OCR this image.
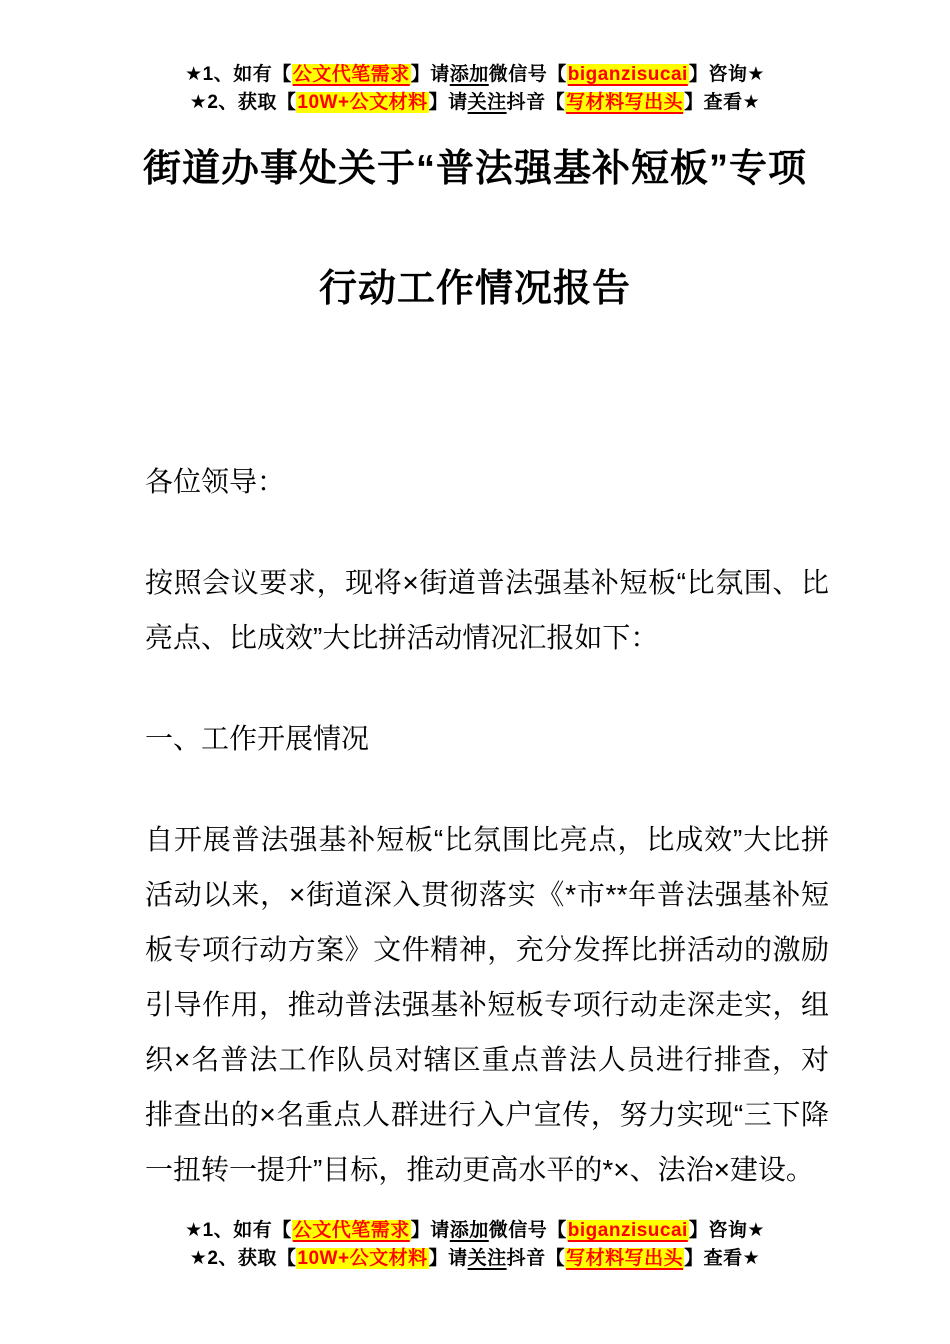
★1、如有【公文代笔需求】请添加微信号【biganzisucai】咨询★
★2、获取【10W+公文材料】请关注抖音【写材料写出头】查看★
街道办事处关于“普法强基补短板”专项
行动工作情况报告

各位领导：

按照会议要求，现将×街道普法强基补短板“比氛围、比亮点、比成效”大比拼活动情况汇报如下：

一、工作开展情况

自开展普法强基补短板“比氛围比亮点，比成效”大比拼活动以来，×街道深入贯彻落实《*市**年普法强基补短板专项行动方案》文件精神，充分发挥比拼活动的激励引导作用，推动普法强基补短板专项行动走深走实，组织×名普法工作队员对辖区重点普法人员进行排查，对排查出的×名重点人群进行入户宣传，努力实现“三下降一扭转一提升”目标，推动更高水平的*×、法治×建设。

★1、如有【公文代笔需求】请添加微信号【biganzisucai】咨询★
★2、获取【10W+公文材料】请关注抖音【写材料写出头】查看★
